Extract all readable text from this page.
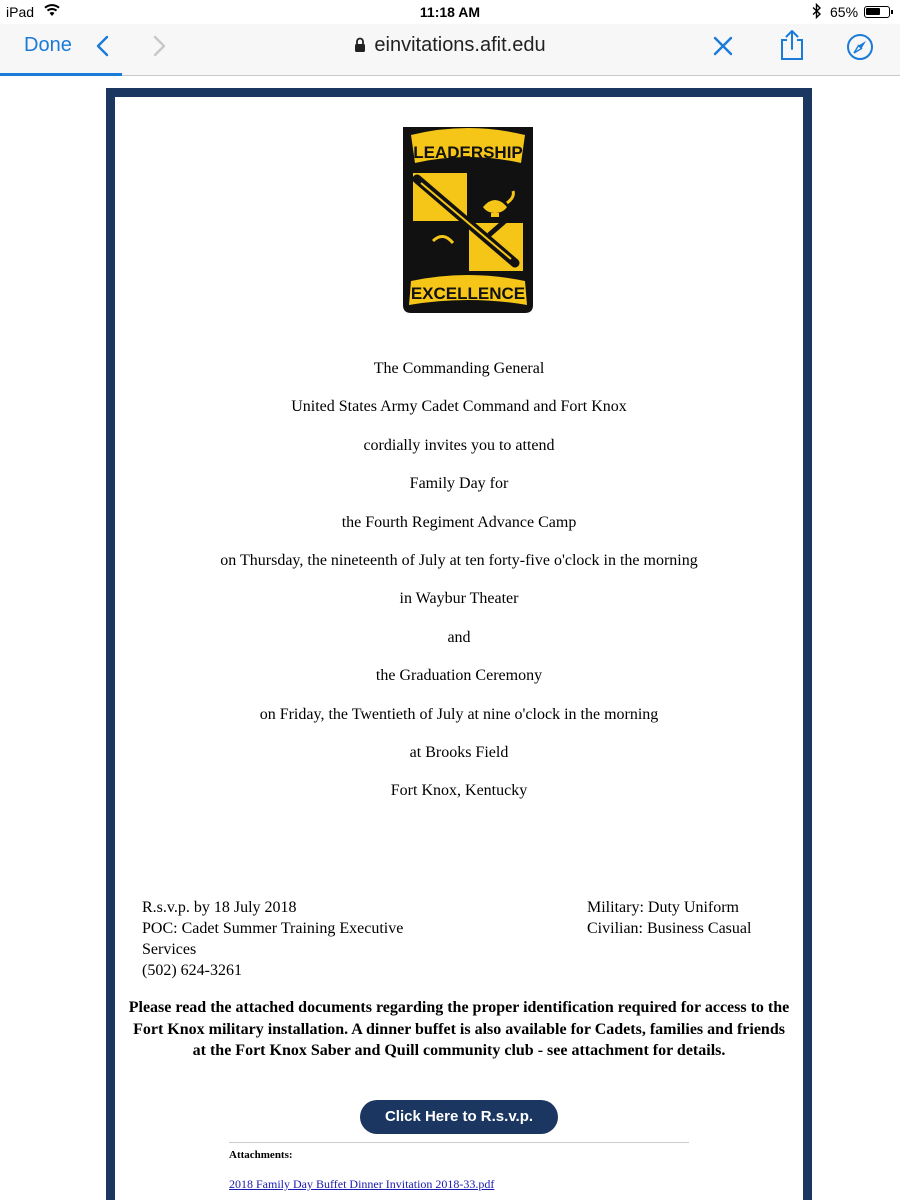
iPad	11:18 AM	65%
Done	einvitations.afit.edu
LEADERSHIP
EXCELLENCE
The Commanding General
United States Army Cadet Command and Fort Knox
cordially invites you to attend
Family Day for
the Fourth Regiment Advance Camp
on Thursday, the nineteenth of July at ten forty-five o'clock in the morning
in Waybur Theater
and
the Graduation Ceremony
on Friday, the Twentieth of July at nine o'clock in the morning
at Brooks Field
Fort Knox, Kentucky
R.s.v.p. by 18 July 2018
POC: Cadet Summer Training Executive Services
(502) 624-3261
Military: Duty Uniform
Civilian: Business Casual
Please read the attached documents regarding the proper identification required for access to the Fort Knox military installation. A dinner buffet is also available for Cadets, families and friends at the Fort Knox Saber and Quill community club - see attachment for details.
Click Here to R.s.v.p.
Attachments:
2018 Family Day Buffet Dinner Invitation 2018-33.pdf
